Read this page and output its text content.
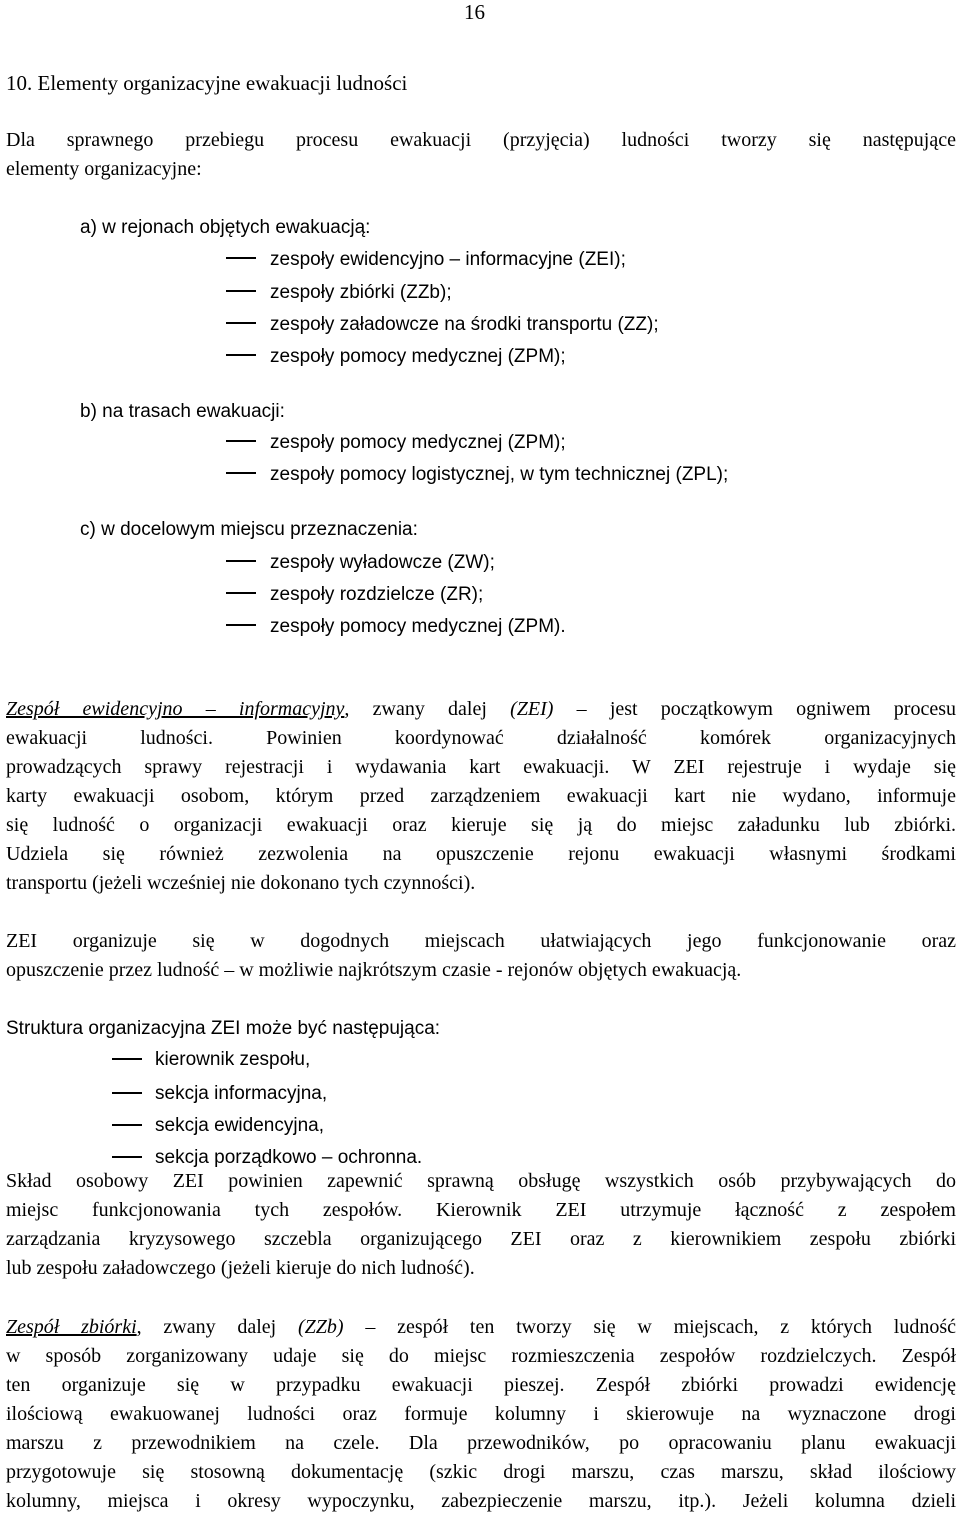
16
10. Elementy organizacyjne ewakuacji ludności
Dla sprawnego przebiegu procesu ewakuacji (przyjęcia) ludności tworzy się następujące
elementy organizacyjne:
a) w rejonach objętych ewakuacją:
zespoły ewidencyjno – informacyjne (ZEI);
zespoły zbiórki (ZZb);
zespoły załadowcze na środki transportu (ZZ);
zespoły pomocy medycznej (ZPM);
b) na trasach ewakuacji:
zespoły pomocy medycznej (ZPM);
zespoły pomocy logistycznej, w tym technicznej (ZPL);
c) w docelowym miejscu przeznaczenia:
zespoły wyładowcze (ZW);
zespoły rozdzielcze (ZR);
zespoły pomocy medycznej (ZPM).
Zespół ewidencyjno – informacyjny, zwany dalej (ZEI) – jest początkowym ogniwem procesu
ewakuacji ludności. Powinien koordynować działalność komórek organizacyjnych
prowadzących sprawy rejestracji i wydawania kart ewakuacji. W ZEI rejestruje i wydaje się
karty ewakuacji osobom, którym przed zarządzeniem ewakuacji kart nie wydano, informuje
się ludność o organizacji ewakuacji oraz kieruje się ją do miejsc załadunku lub zbiórki.
Udziela się również zezwolenia na opuszczenie rejonu ewakuacji własnymi środkami
transportu (jeżeli wcześniej nie dokonano tych czynności).
ZEI organizuje się w dogodnych miejscach ułatwiających jego funkcjonowanie oraz
opuszczenie przez ludność – w możliwie najkrótszym czasie - rejonów objętych ewakuacją.
Struktura organizacyjna ZEI może być następująca:
kierownik zespołu,
sekcja informacyjna,
sekcja ewidencyjna,
sekcja porządkowo – ochronna.
Skład osobowy ZEI powinien zapewnić sprawną obsługę wszystkich osób przybywających do
miejsc funkcjonowania tych zespołów. Kierownik ZEI utrzymuje łączność z zespołem
zarządzania kryzysowego szczebla organizującego ZEI oraz z kierownikiem zespołu zbiórki
lub zespołu załadowczego (jeżeli kieruje do nich ludność).
Zespół zbiórki, zwany dalej (ZZb) – zespół ten tworzy się w miejscach, z których ludność
w sposób zorganizowany udaje się do miejsc rozmieszczenia zespołów rozdzielczych. Zespół
ten organizuje się w przypadku ewakuacji pieszej. Zespół zbiórki prowadzi ewidencję
ilościową ewakuowanej ludności oraz formuje kolumny i skierowuje na wyznaczone drogi
marszu z przewodnikiem na czele. Dla przewodników, po opracowaniu planu ewakuacji
przygotowuje się stosowną dokumentację (szkic drogi marszu, czas marszu, skład ilościowy
kolumny, miejsca i okresy wypoczynku, zabezpieczenie marszu, itp.). Jeżeli kolumna dzieli
